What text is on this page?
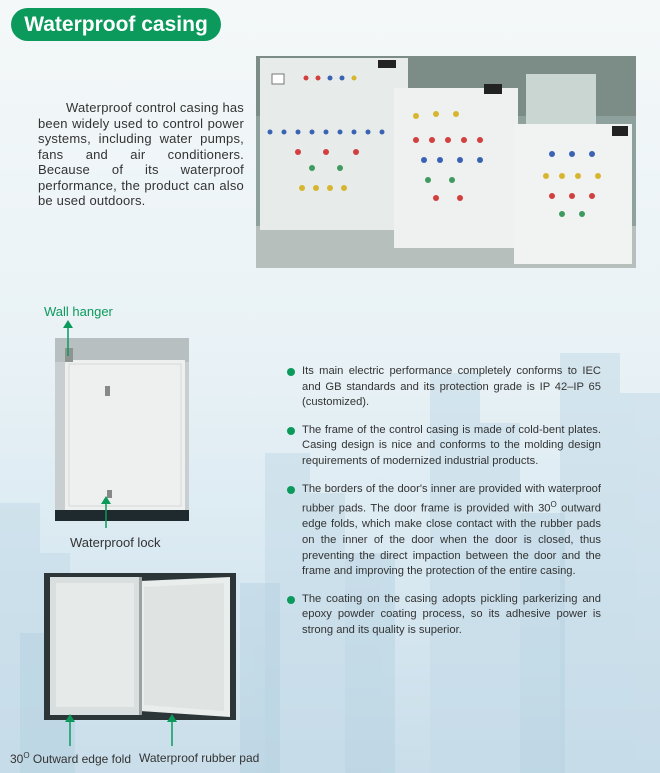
Waterproof casing

Waterproof control casing has been widely used to control power systems, including water pumps, fans and air conditioners. Because of its waterproof performance, the product can also be used outdoors.

Wall hanger
Waterproof lock
$30^O$ Outward edge fold Waterproof rubber pad
Its main electric performance completely conforms to IEC and GB standards and its protection grade is IP 42–IP 65 (customized).
The frame of the control casing is made of cold-bent plates. Casing design is nice and conforms to the molding design requirements of modernized industrial products.
The borders of the door's inner are provided with waterproof rubber pads. The door frame is provided with $30^O$ outward edge folds, which make close contact with the rubber pads on the inner of the door when the door is closed, thus preventing the direct impaction between the door and the frame and improving the protection of the entire casing.
The coating on the casing adopts pickling parkerizing and epoxy powder coating process, so its adhesive power is strong and its quality is superior.
